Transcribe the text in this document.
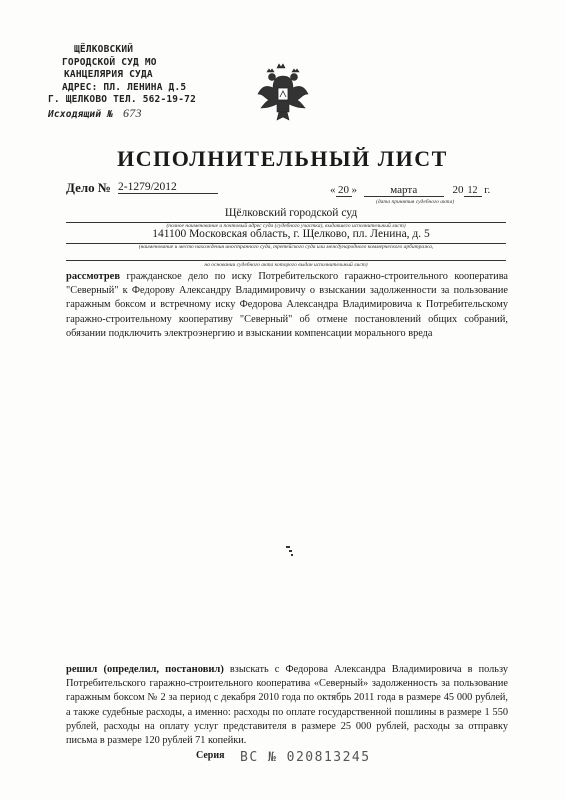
ЩЁЛКОВСКИЙ
ГОРОДСКОЙ СУД МО
КАНЦЕЛЯРИЯ СУДА
АДРЕС: ПЛ. ЛЕНИНА Д.5
Г. ЩЕЛКОВО ТЕЛ. 562-19-72
Исходящий № 673
ИСПОЛНИТЕЛЬНЫЙ ЛИСТ
Дело № 2-1279/2012	« 20 »	марта	20 12 г.
(дата принятия судебного акта)
Щёлковский городской суд
(полное наименование и почтовый адрес суда (судебного участка), выдавшего исполнительный лист)
141100 Московская область, г. Щелково, пл. Ленина, д. 5
(наименование и место нахождения иностранного суда, третейского суда или международного коммерческого арбитража,
на основании судебного акта которого выдан исполнительный лист)
рассмотрев гражданское дело по иску Потребительского гаражно-строительного кооператива "Северный" к Федорову Александру Владимировичу о взыскании задолженности за пользование гаражным боксом и встречному иску Федорова Александра Владимировича к Потребительскому гаражно-строительному кооперативу "Северный" об отмене постановлений общих собраний, обязании подключить электроэнергию и взыскании компенсации морального вреда
решил (определил, постановил) взыскать с Федорова Александра Владимировича в пользу Потребительского гаражно-строительного кооператива «Северный» задолженность за пользование гаражным боксом № 2 за период с декабря 2010 года по октябрь 2011 года в размере 45 000 рублей, а также судебные расходы, а именно: расходы по оплате государственной пошлины в размере 1 550 рублей, расходы на оплату услуг представителя в размере 25 000 рублей, расходы за отправку письма в размере 120 рублей 71 копейки.
Серия ВС № 020813245
